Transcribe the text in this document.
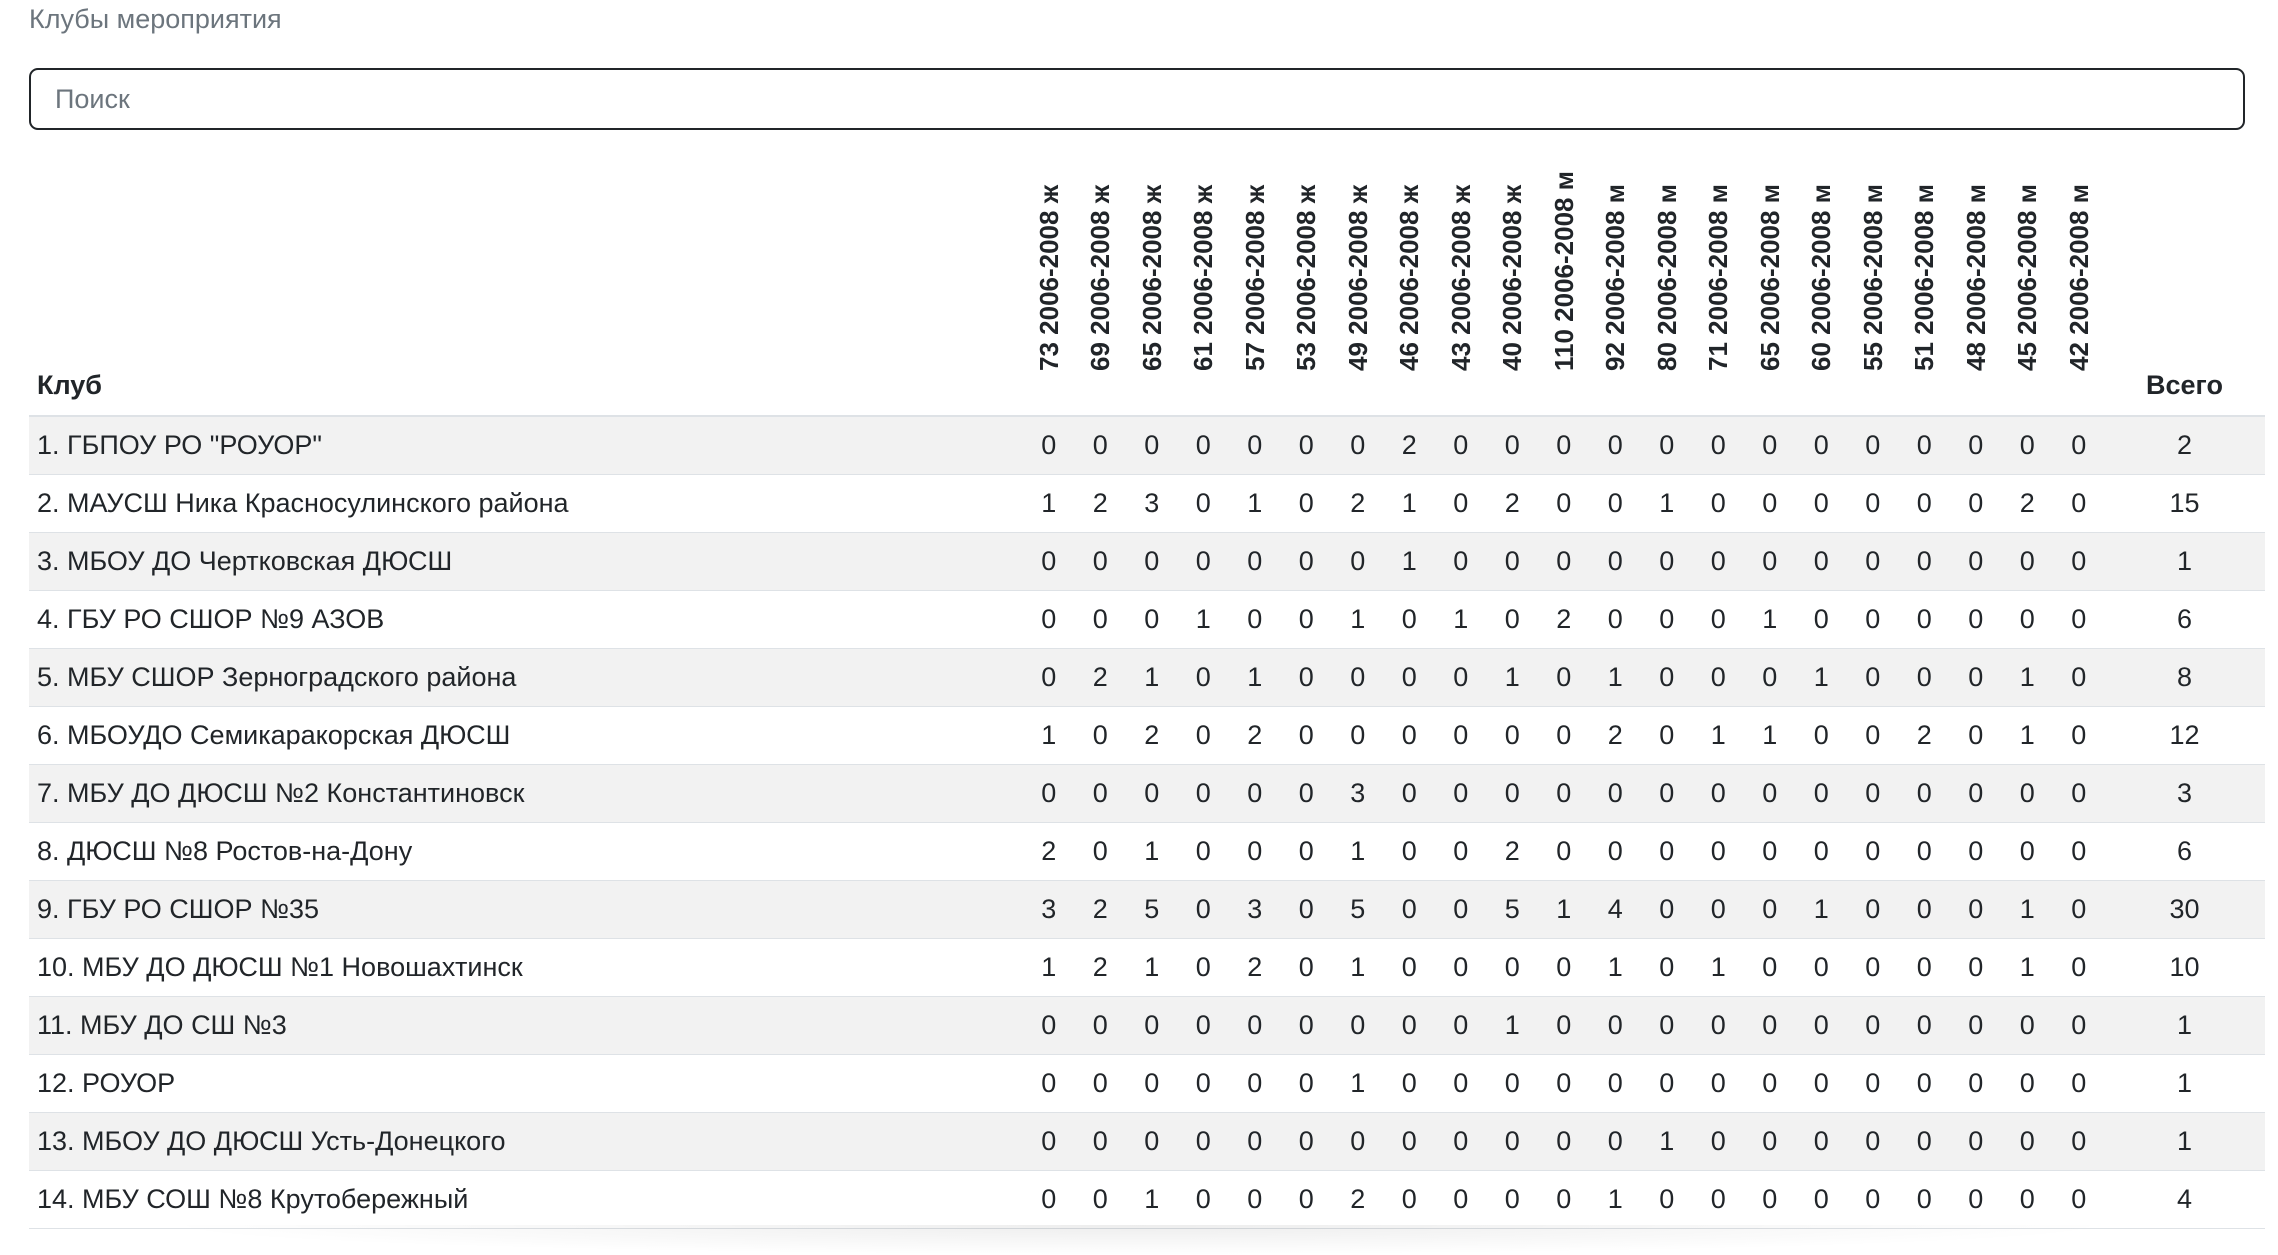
Клубы мероприятия
Поиск
Клуб	73 2006-2008 ж	69 2006-2008 ж	65 2006-2008 ж	61 2006-2008 ж	57 2006-2008 ж	53 2006-2008 ж	49 2006-2008 ж	46 2006-2008 ж	43 2006-2008 ж	40 2006-2008 ж	110 2006-2008 м	92 2006-2008 м	80 2006-2008 м	71 2006-2008 м	65 2006-2008 м	60 2006-2008 м	55 2006-2008 м	51 2006-2008 м	48 2006-2008 м	45 2006-2008 м	42 2006-2008 м	Всего
1. ГБПОУ РО "РОУОР"	0	0	0	0	0	0	0	2	0	0	0	0	0	0	0	0	0	0	0	0	0	2
2. МАУСШ Ника Красносулинского района	1	2	3	0	1	0	2	1	0	2	0	0	1	0	0	0	0	0	0	2	0	15
3. МБОУ ДО Чертковская ДЮСШ	0	0	0	0	0	0	0	1	0	0	0	0	0	0	0	0	0	0	0	0	0	1
4. ГБУ РО СШОР №9 АЗОВ	0	0	0	1	0	0	1	0	1	0	2	0	0	0	1	0	0	0	0	0	0	6
5. МБУ СШОР Зерноградского района	0	2	1	0	1	0	0	0	0	1	0	1	0	0	0	1	0	0	0	1	0	8
6. МБОУДО Семикаракорская ДЮСШ	1	0	2	0	2	0	0	0	0	0	0	2	0	1	1	0	0	2	0	1	0	12
7. МБУ ДО ДЮСШ №2 Константиновск	0	0	0	0	0	0	3	0	0	0	0	0	0	0	0	0	0	0	0	0	0	3
8. ДЮСШ №8 Ростов-на-Дону	2	0	1	0	0	0	1	0	0	2	0	0	0	0	0	0	0	0	0	0	0	6
9. ГБУ РО СШОР №35	3	2	5	0	3	0	5	0	0	5	1	4	0	0	0	1	0	0	0	1	0	30
10. МБУ ДО ДЮСШ №1 Новошахтинск	1	2	1	0	2	0	1	0	0	0	0	1	0	1	0	0	0	0	0	1	0	10
11. МБУ ДО СШ №3	0	0	0	0	0	0	0	0	0	1	0	0	0	0	0	0	0	0	0	0	0	1
12. РОУОР	0	0	0	0	0	0	1	0	0	0	0	0	0	0	0	0	0	0	0	0	0	1
13. МБОУ ДО ДЮСШ Усть-Донецкого	0	0	0	0	0	0	0	0	0	0	0	0	1	0	0	0	0	0	0	0	0	1
14. МБУ СОШ №8 Крутобережный	0	0	1	0	0	0	2	0	0	0	0	1	0	0	0	0	0	0	0	0	0	4
